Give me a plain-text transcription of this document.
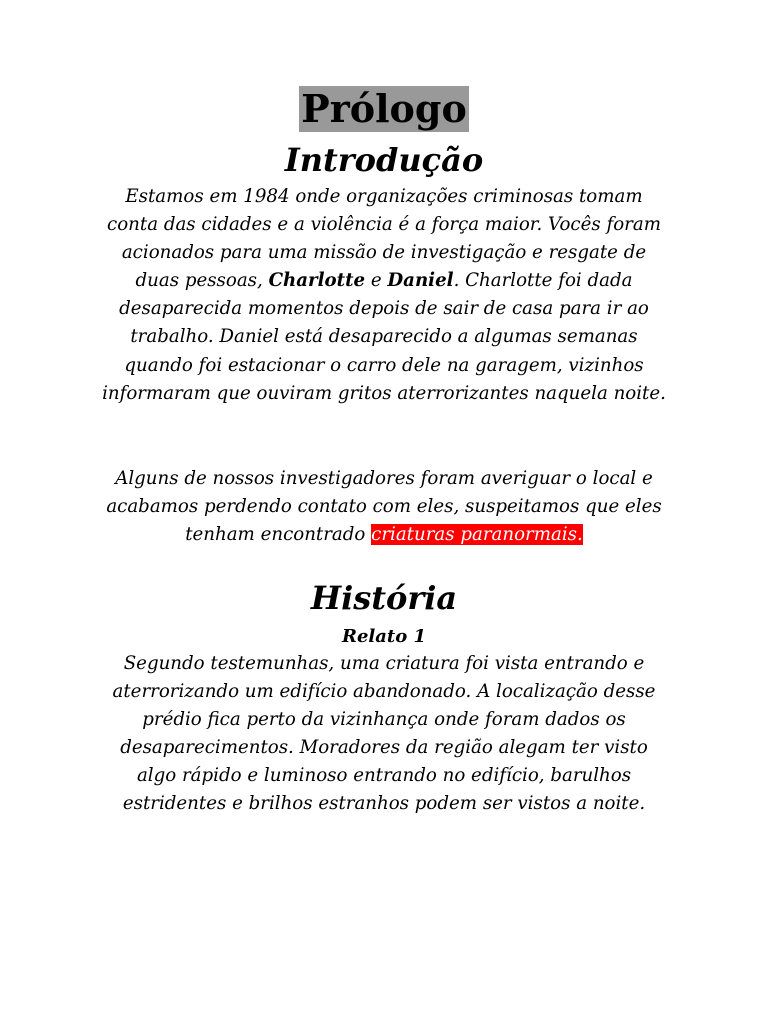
Prólogo
Introdução
Estamos em 1984 onde organizações criminosas tomam conta das cidades e a violência é a força maior. Vocês foram acionados para uma missão de investigação e resgate de duas pessoas, Charlotte e Daniel. Charlotte foi dada desaparecida momentos depois de sair de casa para ir ao trabalho. Daniel está desaparecido a algumas semanas quando foi estacionar o carro dele na garagem, vizinhos informaram que ouviram gritos aterrorizantes naquela noite.
Alguns de nossos investigadores foram averiguar o local e acabamos perdendo contato com eles, suspeitamos que eles tenham encontrado criaturas paranormais.
História
Relato 1
Segundo testemunhas, uma criatura foi vista entrando e aterrorizando um edifício abandonado. A localização desse prédio fica perto da vizinhança onde foram dados os desaparecimentos. Moradores da região alegam ter visto algo rápido e luminoso entrando no edifício, barulhos estridentes e brilhos estranhos podem ser vistos a noite.
